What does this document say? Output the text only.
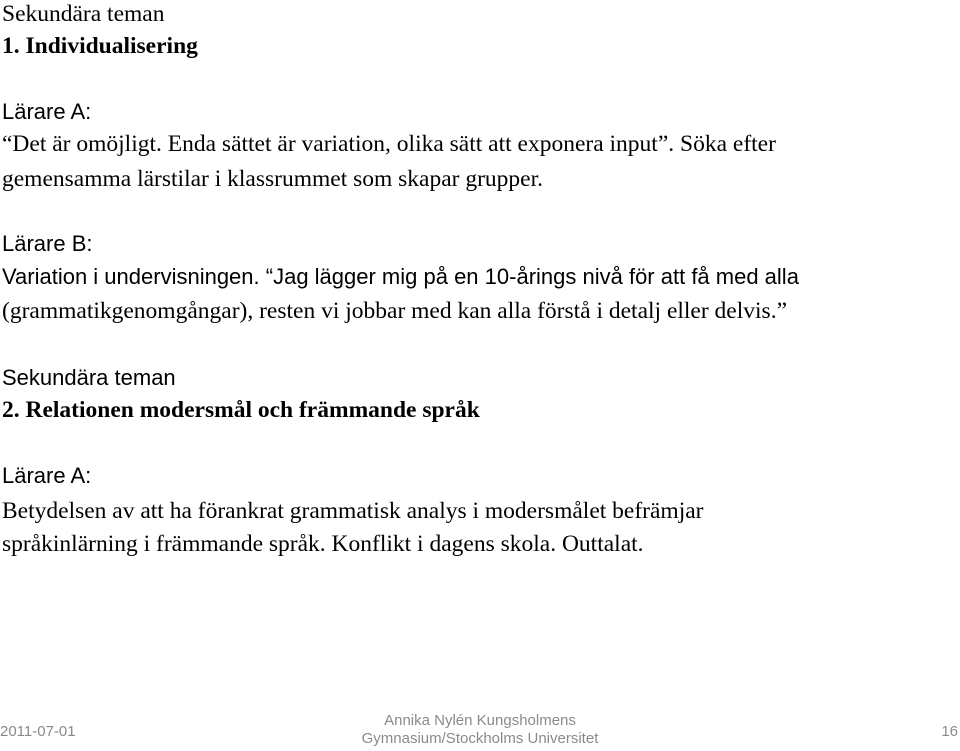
Sekundära teman
1. Individualisering
Lärare A:
“Det är omöjligt. Enda sättet är variation, olika sätt att exponera input”. Söka efter
gemensamma lärstilar i klassrummet som skapar grupper.
Lärare B:
Variation i undervisningen. “Jag lägger mig på en 10-årings nivå för att få med alla
(grammatikgenomgångar), resten vi jobbar med kan alla förstå i detalj eller delvis.”
Sekundära teman
2. Relationen modersmål och främmande språk
Lärare A:
Betydelsen av att ha förankrat grammatisk analys i modersmålet befrämjar
språkinlärning i främmande språk. Konflikt i dagens skola. Outtalat.
2011-07-01
Annika Nylén Kungsholmens
Gymnasium/Stockholms Universitet	16
